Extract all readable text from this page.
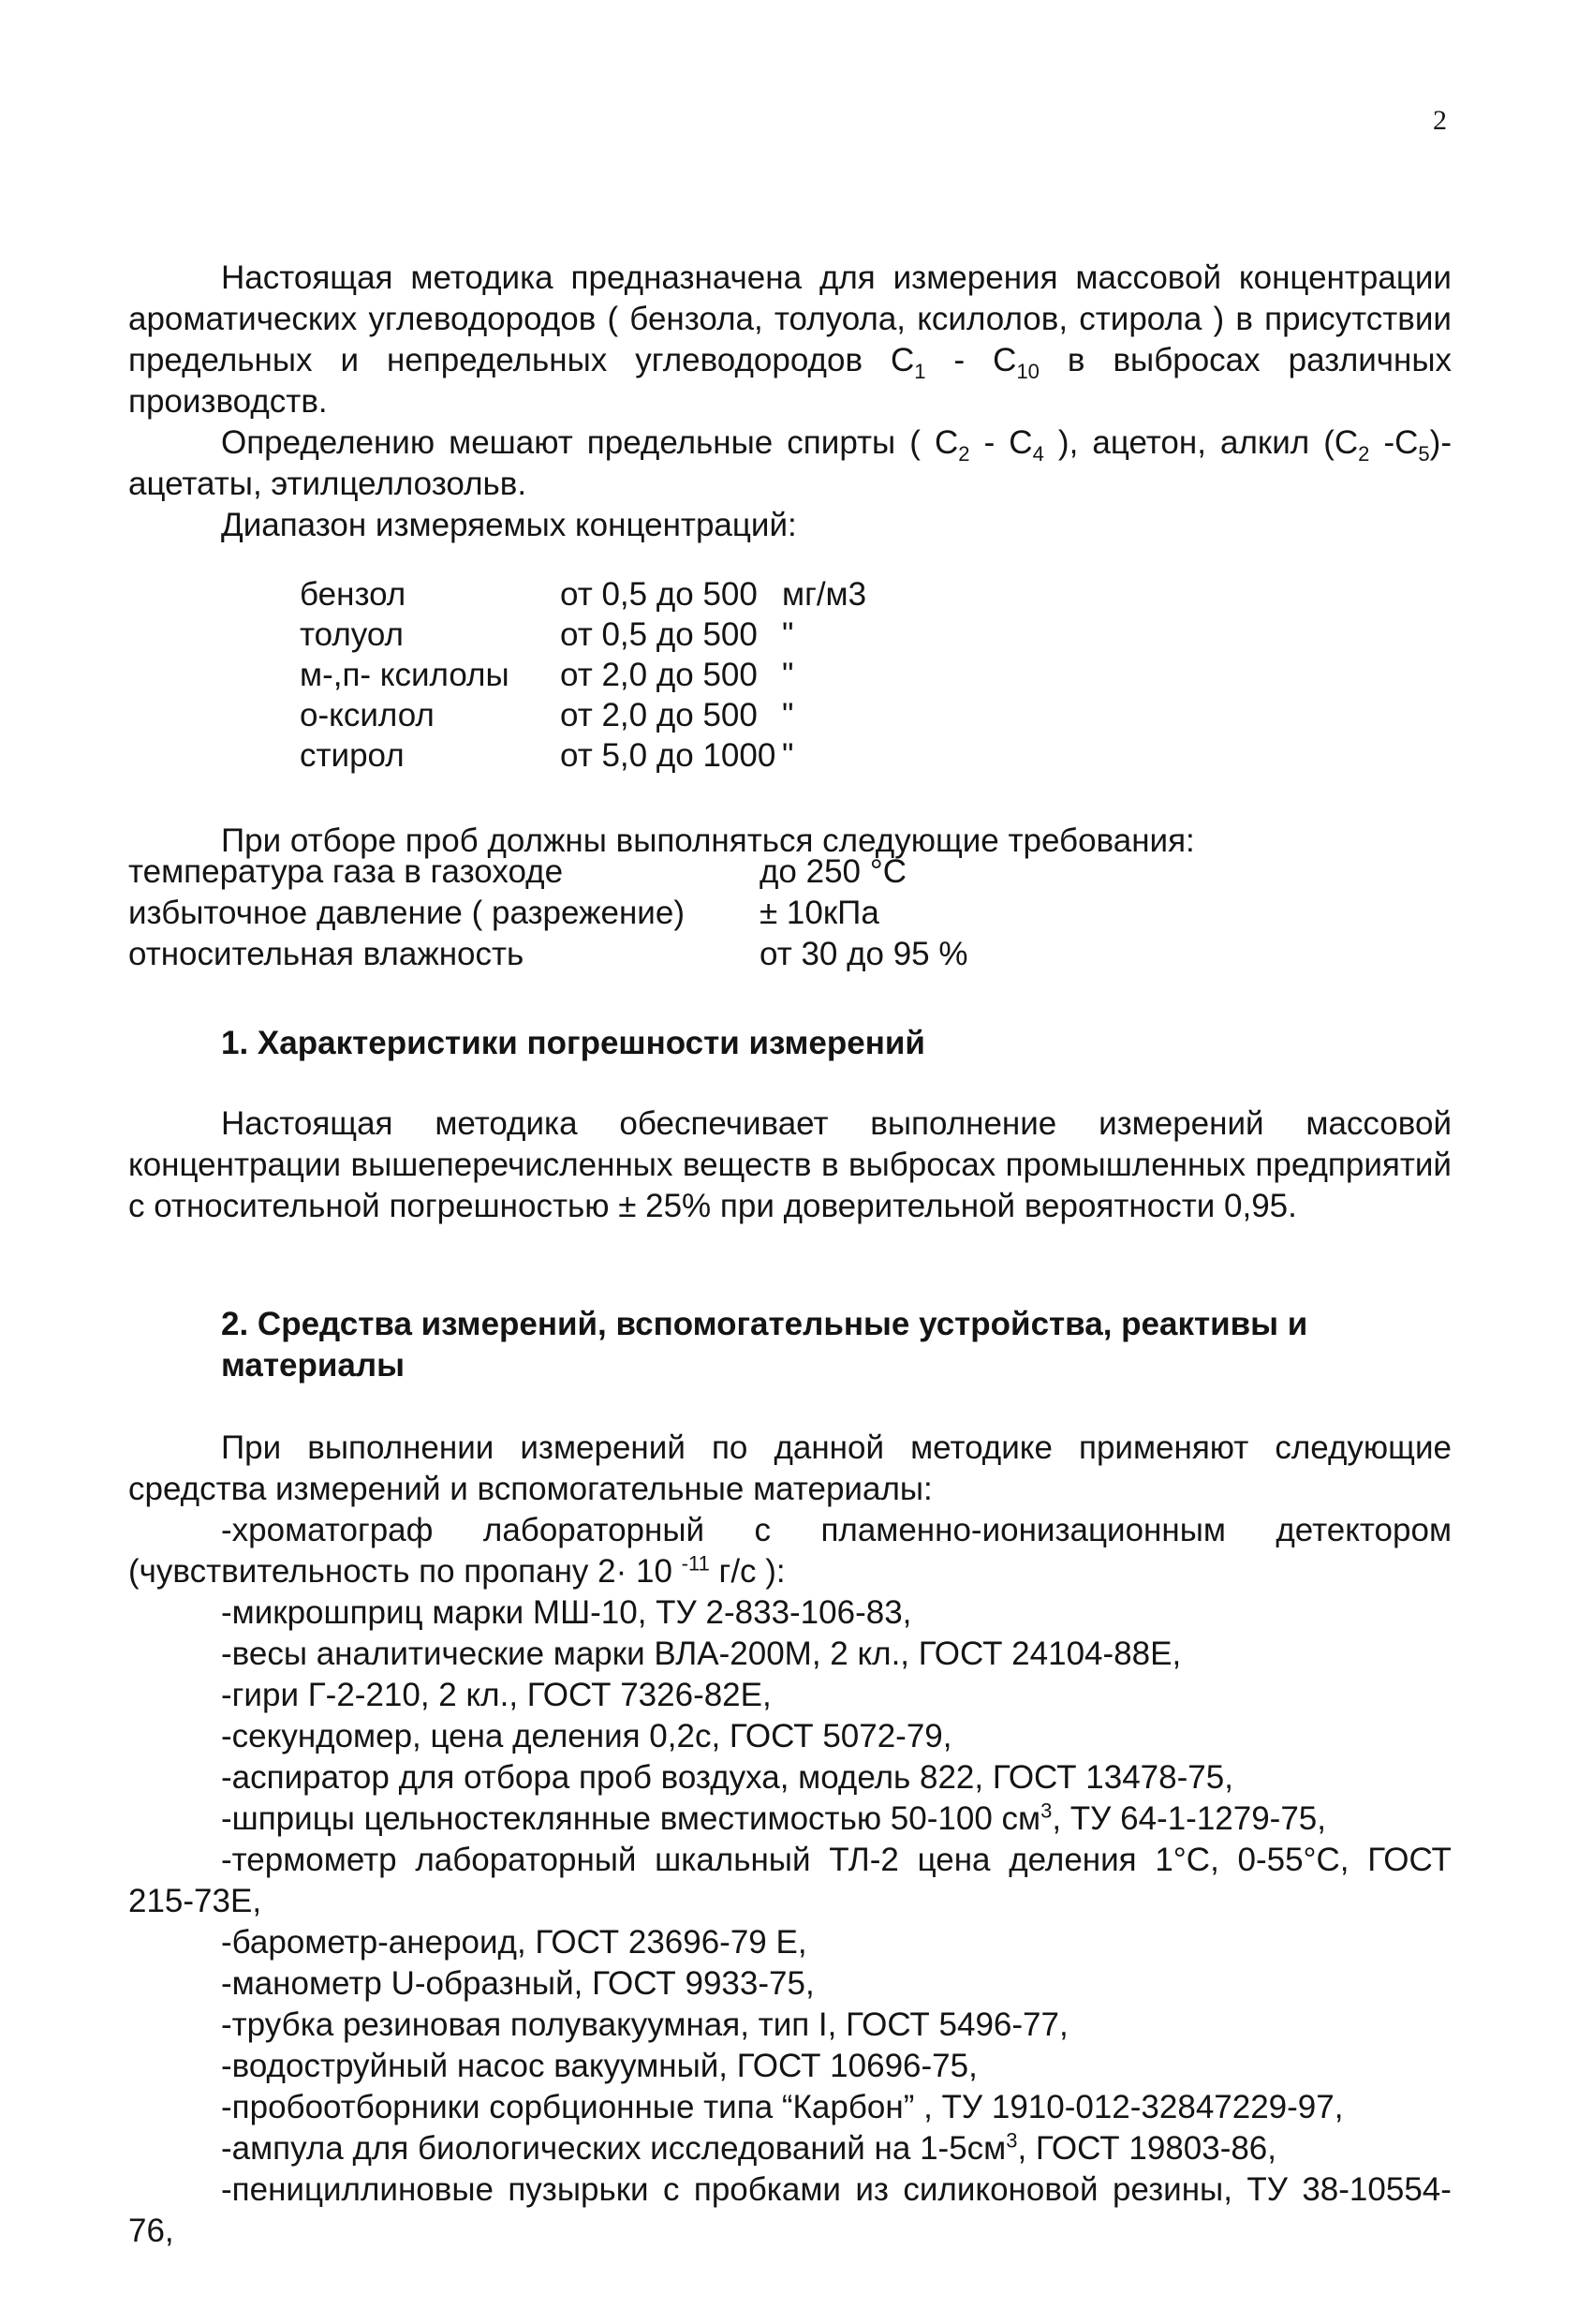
2

Настоящая методика предназначена для измерения массовой концентрации ароматических углеводородов ( бензола, толуола, ксилолов, стирола ) в присутствии предельных и непредельных углеводородов $С_1 - С_{10}$ в выбросах различных производств.

Определению мешают предельные спирты ( $С_2 - С_4$ ), ацетон, алкил ($С_2$ $-С_5$)-ацетаты, этилцеллозольв.

Диапазон измеряемых концентраций:
бензол	от 0,5 до 500	мг/м3
толуол	от 0,5 до 500	"
м-,п- ксилолы	от 2,0 до 500	"
о-ксилол	от 2,0 до 500	"
стирол	от 5,0 до 1000	"
При отборе проб должны выполняться следующие требования:
температура газа в газоходе	до 250 °С
избыточное давление ( разрежение)	± 10кПа
относительная влажность	от 30 до 95 %
1. Характеристики погрешности измерений

Настоящая методика обеспечивает выполнение измерений массовой концентрации вышеперечисленных веществ в выбросах промышленных предприятий с относительной погрешностью ± 25% при доверительной вероятности 0,95.

2. Средства измерений, вспомогательные устройства, реактивы и материалы

При выполнении измерений по данной методике применяют следующие средства измерений и вспомогательные материалы:

-хроматограф лабораторный с пламенно-ионизационным детектором
(чувствительность по пропану 2· 10 $^{-11}$ г/с ):
-микрошприц марки МШ-10, ТУ 2-833-106-83,
-весы аналитические марки ВЛА-200М, 2 кл., ГОСТ 24104-88Е,
-гири Г-2-210, 2 кл., ГОСТ 7326-82Е,
-секундомер, цена деления 0,2с, ГОСТ 5072-79,
-аспиратор для отбора проб воздуха, модель 822, ГОСТ 13478-75,
-шприцы цельностеклянные вместимостью 50-100 $см^3$, ТУ 64-1-1279-75,
-термометр лабораторный шкальный ТЛ-2 цена деления 1°С, 0-55°С, ГОСТ
215-73Е,
-барометр-анероид, ГОСТ 23696-79 Е,
-манометр U-образный, ГОСТ 9933-75,
-трубка резиновая полувакуумная, тип I, ГОСТ 5496-77,
-водоструйный насос вакуумный, ГОСТ 10696-75,
-пробоотборники сорбционные типа “Карбон” , ТУ 1910-012-32847229-97,
-ампула для биологических исследований на $1-5см^3$, ГОСТ 19803-86,
-пенициллиновые пузырьки с пробками из силиконовой резины, ТУ 38-10554-
76,
